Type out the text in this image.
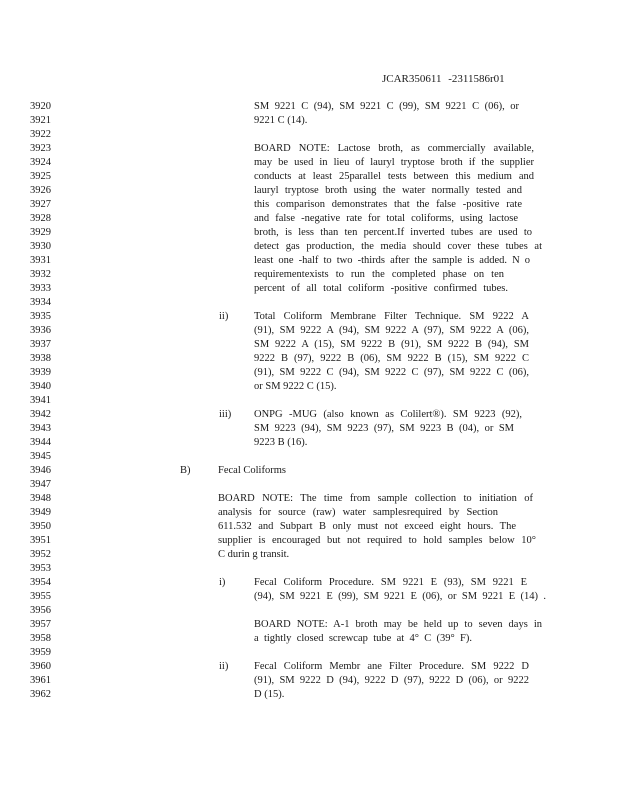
JCAR350611 -2311586r01
3920
3921
3922
3923
3924
3925
3926
3927
3928
3929
3930
3931
3932
3933
3934
3935
3936
3937
3938
3939
3940
3941
3942
3943
3944
3945
3946
3947
3948
3949
3950
3951
3952
3953
3954
3955
3956
3957
3958
3959
3960
3961
3962
SM 9221 C (94), SM 9221 C (99), SM 9221 C (06), or
9221 C (14).
BOARD NOTE: Lactose broth, as commercially available,
may be used in lieu of lauryl tryptose broth if the supplier
conducts at least 25parallel tests between this medium and
lauryl tryptose broth using the water normally tested and
this comparison demonstrates that the false -positive rate
and false -negative rate for total coliforms, using lactose
broth, is less than ten percent.If inverted tubes are used to
detect gas production, the media should cover these tubes at
least one -half to two -thirds after the sample is added. N o
requirementexists to run the completed phase on ten
percent of all total coliform -positive confirmed tubes.
ii) Total Coliform Membrane Filter Technique. SM 9222 A
(91), SM 9222 A (94), SM 9222 A (97), SM 9222 A (06),
SM 9222 A (15), SM 9222 B (91), SM 9222 B (94), SM
9222 B (97), 9222 B (06), SM 9222 B (15), SM 9222 C
(91), SM 9222 C (94), SM 9222 C (97), SM 9222 C (06),
or SM 9222 C (15).
iii) ONPG -MUG (also known as Colilert®). SM 9223 (92),
SM 9223 (94), SM 9223 (97), SM 9223 B (04), or SM
9223 B (16).
B)	Fecal Coliforms
BOARD NOTE: The time from sample collection to initiation of
analysis for source (raw) water samplesrequired by Section
611.532 and Subpart B only must not exceed eight hours. The
supplier is encouraged but not required to hold samples below 10°
C durin g transit.
i)	Fecal Coliform Procedure. SM 9221 E (93), SM 9221 E
(94), SM 9221 E (99), SM 9221 E (06), or SM 9221 E (14) .
BOARD NOTE: A-1 broth may be held up to seven days in
a tightly closed screwcap tube at 4° C (39° F).
ii) Fecal Coliform Membr ane Filter Procedure. SM 9222 D
(91), SM 9222 D (94), 9222 D (97), 9222 D (06), or 9222
D (15).
